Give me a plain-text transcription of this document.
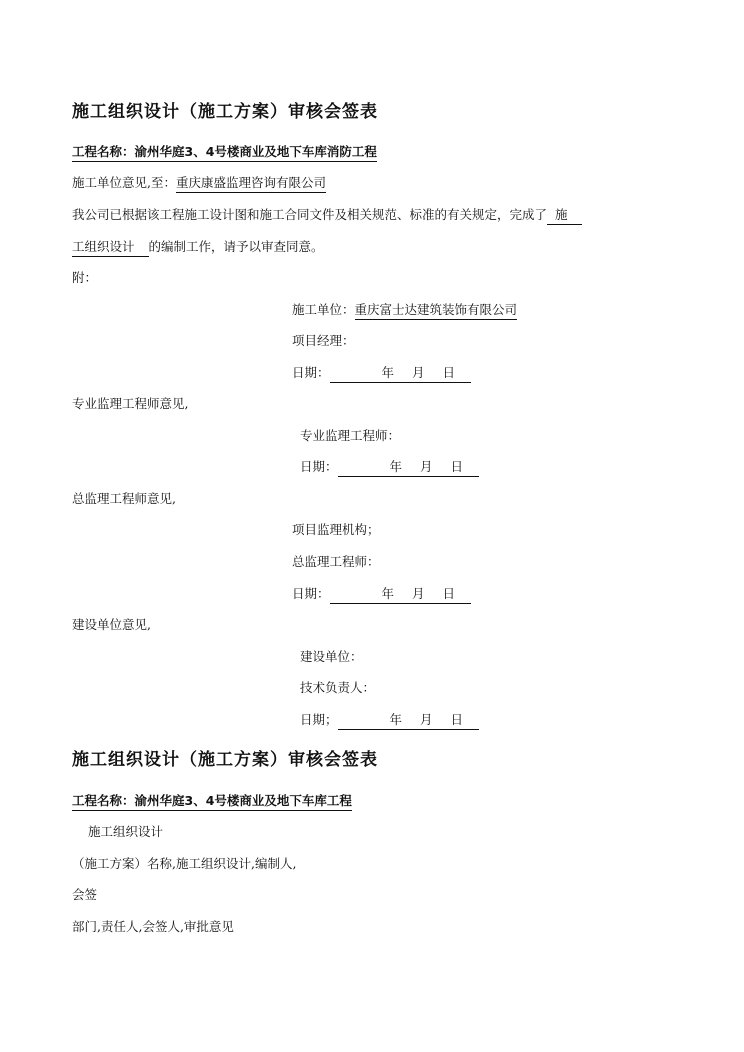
施工组织设计（施工方案）审核会签表
工程名称：渝州华庭3、4号楼商业及地下车库消防工程
施工单位意见,至：重庆康盛监理咨询有限公司
我公司已根据该工程施工设计图和施工合同文件及相关规范、标准的有关规定，完成了 施
工组织设计 的编制工作，请予以审查同意。
附：
施工单位：重庆富士达建筑装饰有限公司
项目经理：
日期：	年 月 日
专业监理工程师意见,
专业监理工程师：
日期：	年 月 日
总监理工程师意见,
项目监理机构；
总监理工程师：
日期：	年 月 日
建设单位意见,
建设单位：
技术负责人：
日期；	年 月 日
施工组织设计（施工方案）审核会签表
工程名称：渝州华庭3、4号楼商业及地下车库工程
施工组织设计
（施工方案）名称,施工组织设计,编制人,
会签
部门,责任人,会签人,审批意见
